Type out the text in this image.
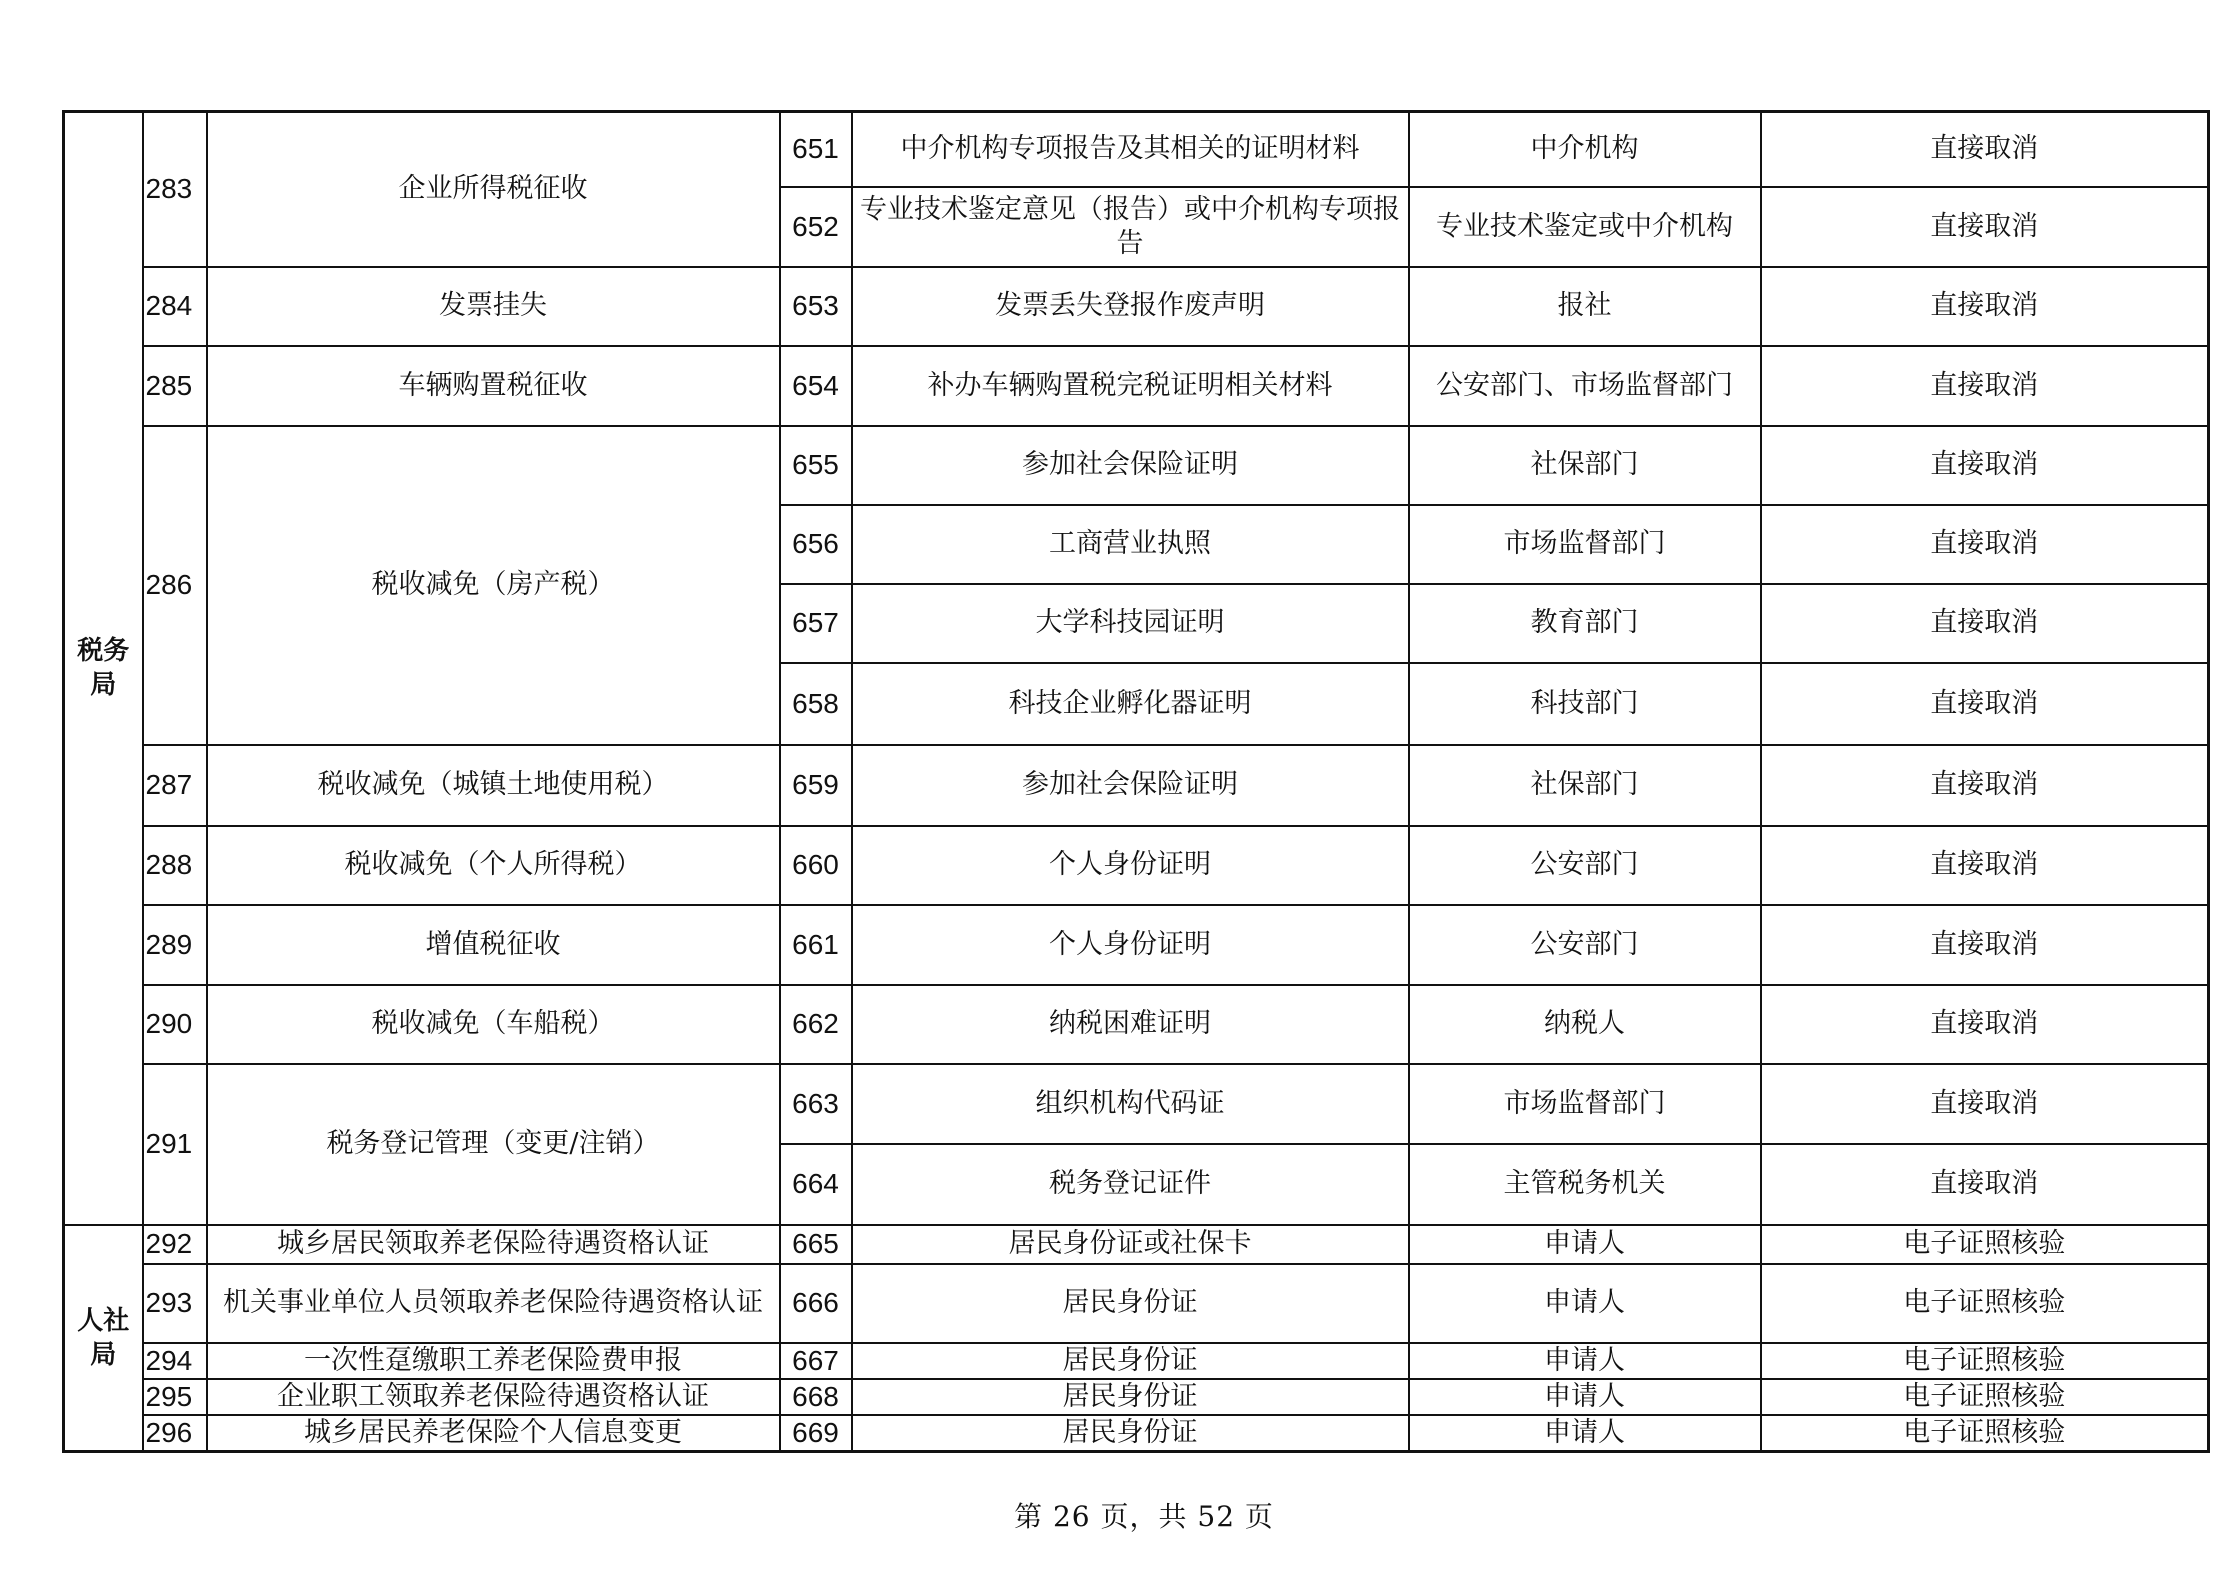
税务局	283	企业所得税征收	651	中介机构专项报告及其相关的证明材料	中介机构	直接取消
			652	专业技术鉴定意见（报告）或中介机构专项报告	专业技术鉴定或中介机构	直接取消
	284	发票挂失	653	发票丢失登报作废声明	报社	直接取消
	285	车辆购置税征收	654	补办车辆购置税完税证明相关材料	公安部门、市场监督部门	直接取消
	286	税收减免（房产税）	655	参加社会保险证明	社保部门	直接取消
			656	工商营业执照	市场监督部门	直接取消
			657	大学科技园证明	教育部门	直接取消
			658	科技企业孵化器证明	科技部门	直接取消
	287	税收减免（城镇土地使用税）	659	参加社会保险证明	社保部门	直接取消
	288	税收减免（个人所得税）	660	个人身份证明	公安部门	直接取消
	289	增值税征收	661	个人身份证明	公安部门	直接取消
	290	税收减免（车船税）	662	纳税困难证明	纳税人	直接取消
	291	税务登记管理（变更/注销）	663	组织机构代码证	市场监督部门	直接取消
			664	税务登记证件	主管税务机关	直接取消
人社局	292	城乡居民领取养老保险待遇资格认证	665	居民身份证或社保卡	申请人	电子证照核验
	293	机关事业单位人员领取养老保险待遇资格认证	666	居民身份证	申请人	电子证照核验
	294	一次性趸缴职工养老保险费申报	667	居民身份证	申请人	电子证照核验
	295	企业职工领取养老保险待遇资格认证	668	居民身份证	申请人	电子证照核验
	296	城乡居民养老保险个人信息变更	669	居民身份证	申请人	电子证照核验
第 26 页，共 52 页
